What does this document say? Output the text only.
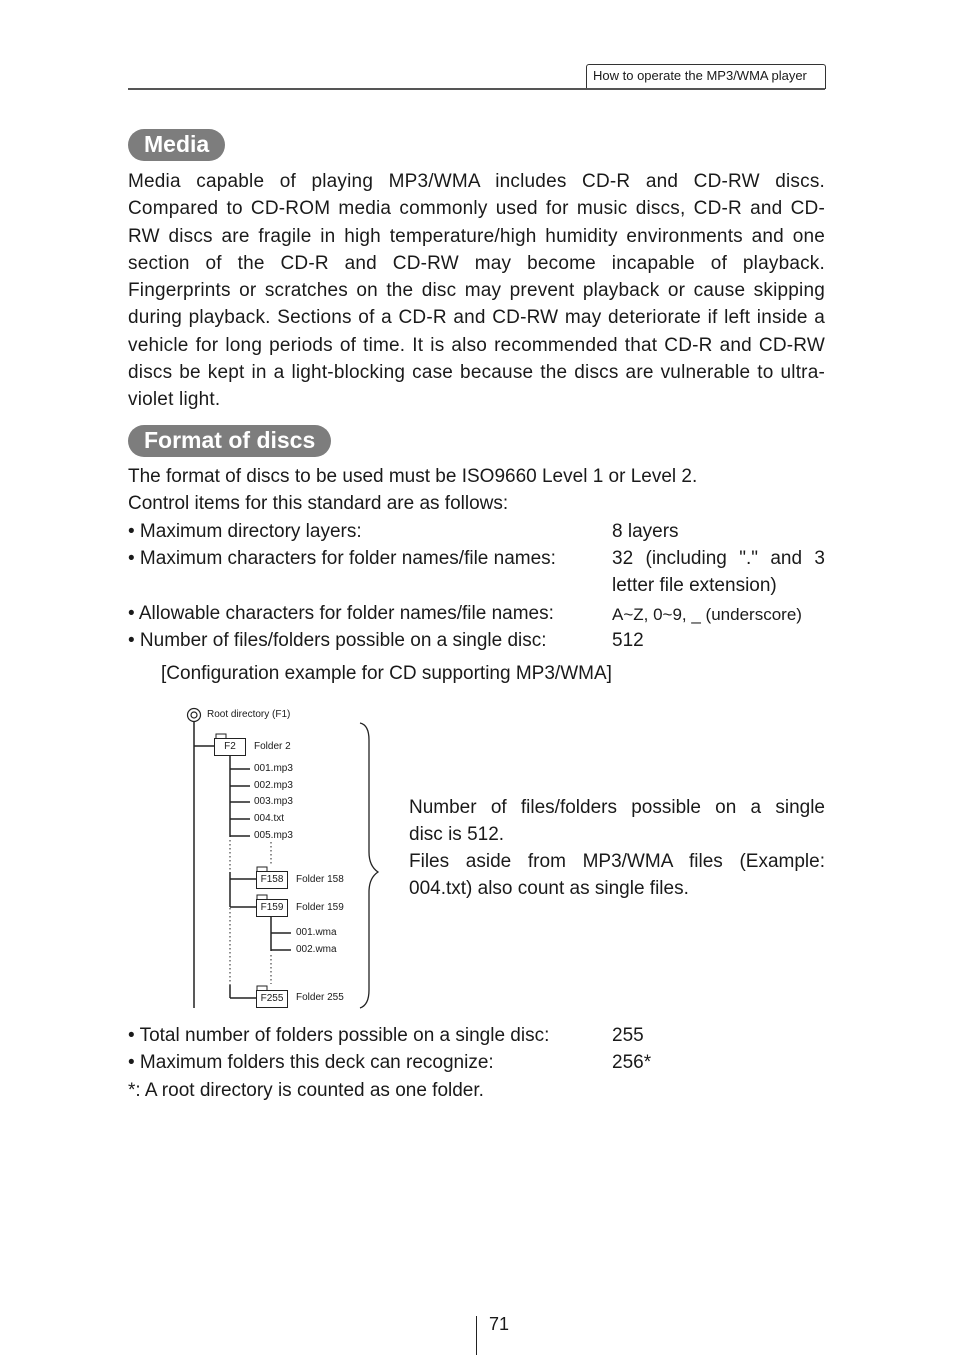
How to operate the MP3/WMA player
Media
Media capable of playing MP3/WMA includes CD-R and CD-RW discs. Compared to CD-ROM media commonly used for music discs, CD-R and CD-RW discs are fragile in high temperature/high humidity environments and one section of the CD-R and CD-RW may become incapable of playback. Fingerprints or scratches on the disc may prevent playback or cause skipping during playback. Sections of a CD-R and CD-RW may deteriorate if left inside a vehicle for long periods of time. It is also recommended that CD-R and CD-RW discs be kept in a light-blocking case because the discs are vulnerable to ultra-violet light.
Format of discs
The format of discs to be used must be ISO9660 Level 1 or Level 2.
Control items for this standard are as follows:
• Maximum directory layers:	8 layers
• Maximum characters for folder names/file names:	32 (including "." and 3
letter file extension)
• Allowable characters for folder names/file names:	A~Z, 0~9, _ (underscore)
• Number of files/folders possible on a single disc:	512
[Configuration example for CD supporting MP3/WMA]
Root directory (F1)
F2	Folder 2
001.mp3
002.mp3
003.mp3
004.txt
005.mp3
F158	Folder 158
F159	Folder 159
001.wma
002.wma
F255	Folder 255
Number of files/folders possible on a single
disc is 512.
Files aside from MP3/WMA files (Example:
004.txt) also count as single files.
• Total number of folders possible on a single disc:	255
• Maximum folders this deck can recognize:	256*
*: A root directory is counted as one folder.
71
